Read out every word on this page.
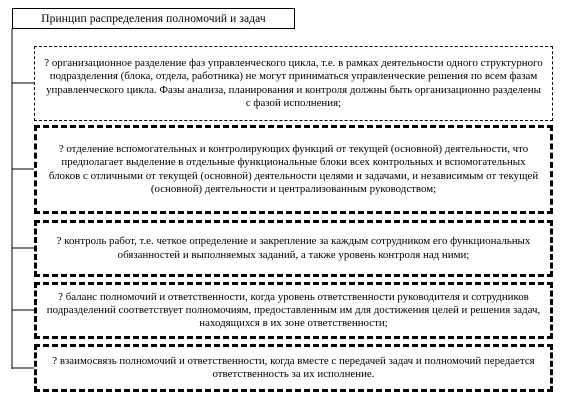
Принцип распределения полномочий и задач
? организационное разделение фаз управленческого цикла, т.е. в рамках деятельности одного структурного подразделения (блока, отдела, работника) не могут приниматься управленческие решения по всем фазам управленческого цикла. Фазы анализа, планирования и контроля должны быть организационно разделены с фазой исполнения;
? отделение вспомогательных и контролирующих функций от текущей (основной) деятельности, что предполагает выделение в отдельные функциональные блоки всех контрольных и вспомогательных блоков с отличными от текущей (основной) деятельности целями и задачами, и независимым от текущей (основной) деятельности и централизованным руководством;
? контроль работ, т.е. четкое определение и закрепление за каждым сотрудником его функциональных обязанностей и выполняемых заданий, а также уровень контроля над ними;
? баланс полномочий и ответственности, когда уровень ответственности руководителя и сотрудников подразделений соответствует полномочиям, предоставленным им для достижения целей и решения задач, находящихся в их зоне ответственности;
? взаимосвязь полномочий и ответственности, когда вместе с передачей задач и полномочий передается ответственность за их исполнение.
